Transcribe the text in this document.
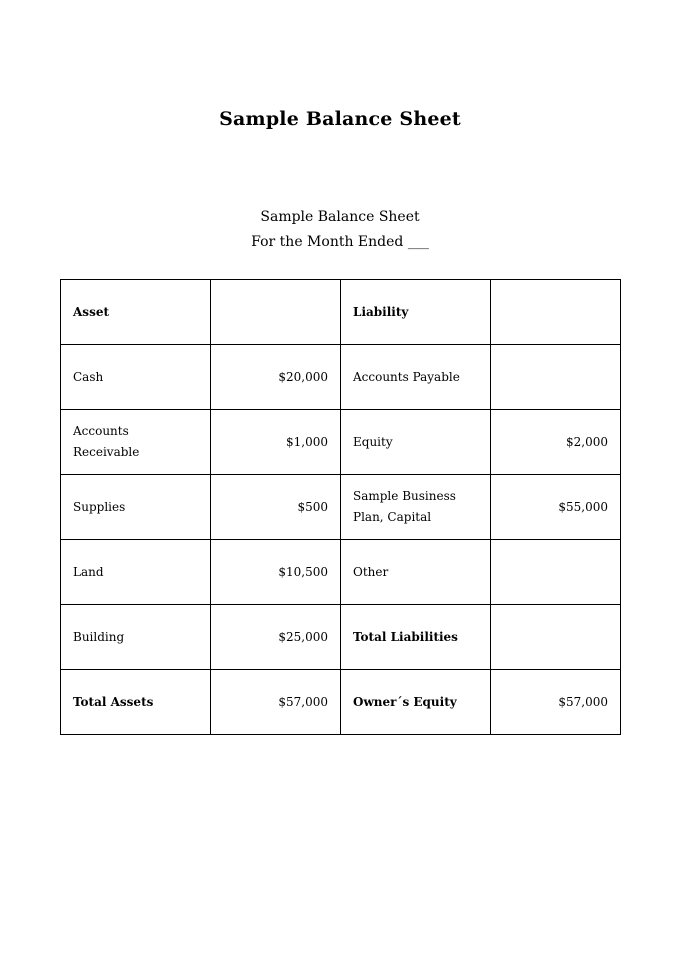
Sample Balance Sheet
Sample Balance Sheet
For the Month Ended ___
Asset		Liability	
Cash	$20,000	Accounts Payable	
Accounts Receivable	$1,000	Equity	$2,000
Supplies	$500	Sample Business Plan, Capital	$55,000
Land	$10,500	Other	
Building	$25,000	Total Liabilities	
Total Assets	$57,000	Owner´s Equity	$57,000
